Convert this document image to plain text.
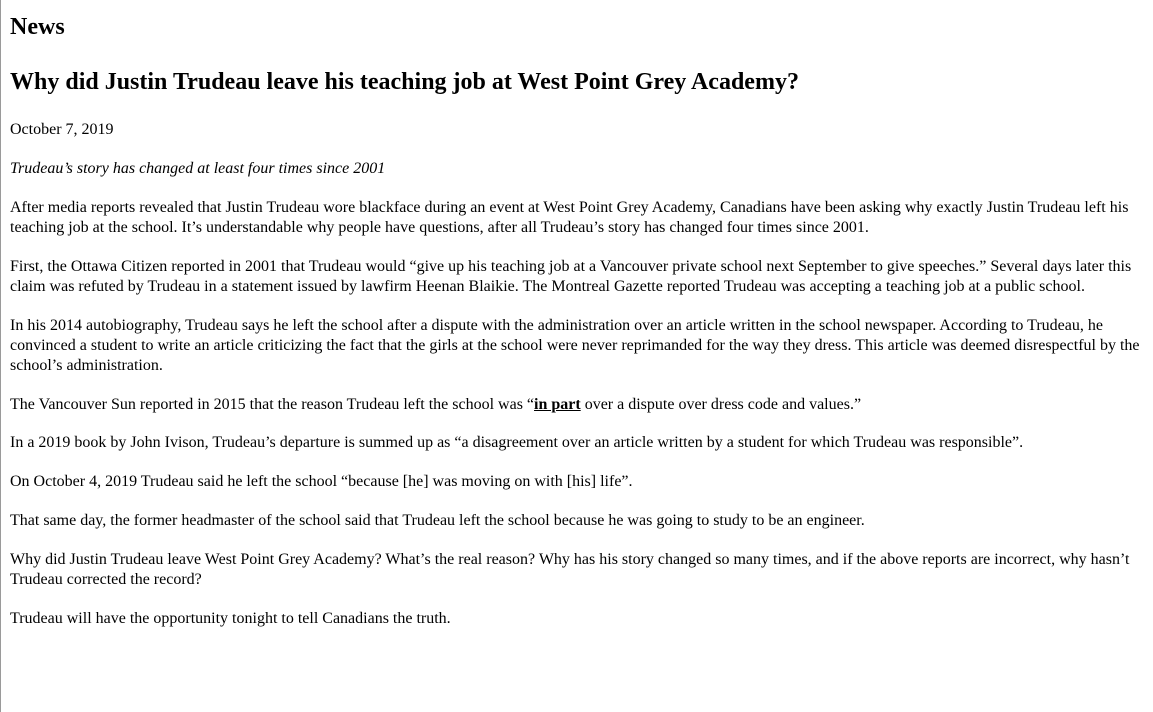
News
Why did Justin Trudeau leave his teaching job at West Point Grey Academy?

October 7, 2019

Trudeau’s story has changed at least four times since 2001

After media reports revealed that Justin Trudeau wore blackface during an event at West Point Grey Academy, Canadians have been asking why exactly Justin Trudeau left his teaching job at the school. It’s understandable why people have questions, after all Trudeau’s story has changed four times since 2001.

First, the Ottawa Citizen reported in 2001 that Trudeau would “give up his teaching job at a Vancouver private school next September to give speeches.” Several days later this claim was refuted by Trudeau in a statement issued by lawfirm Heenan Blaikie. The Montreal Gazette reported Trudeau was accepting a teaching job at a public school.

In his 2014 autobiography, Trudeau says he left the school after a dispute with the administration over an article written in the school newspaper. According to Trudeau, he convinced a student to write an article criticizing the fact that the girls at the school were never reprimanded for the way they dress. This article was deemed disrespectful by the school’s administration.

The Vancouver Sun reported in 2015 that the reason Trudeau left the school was “in part over a dispute over dress code and values.”

In a 2019 book by John Ivison, Trudeau’s departure is summed up as “a disagreement over an article written by a student for which Trudeau was responsible”.

On October 4, 2019 Trudeau said he left the school “because [he] was moving on with [his] life”.

That same day, the former headmaster of the school said that Trudeau left the school because he was going to study to be an engineer.

Why did Justin Trudeau leave West Point Grey Academy? What’s the real reason? Why has his story changed so many times, and if the above reports are incorrect, why hasn’t Trudeau corrected the record?

Trudeau will have the opportunity tonight to tell Canadians the truth.
